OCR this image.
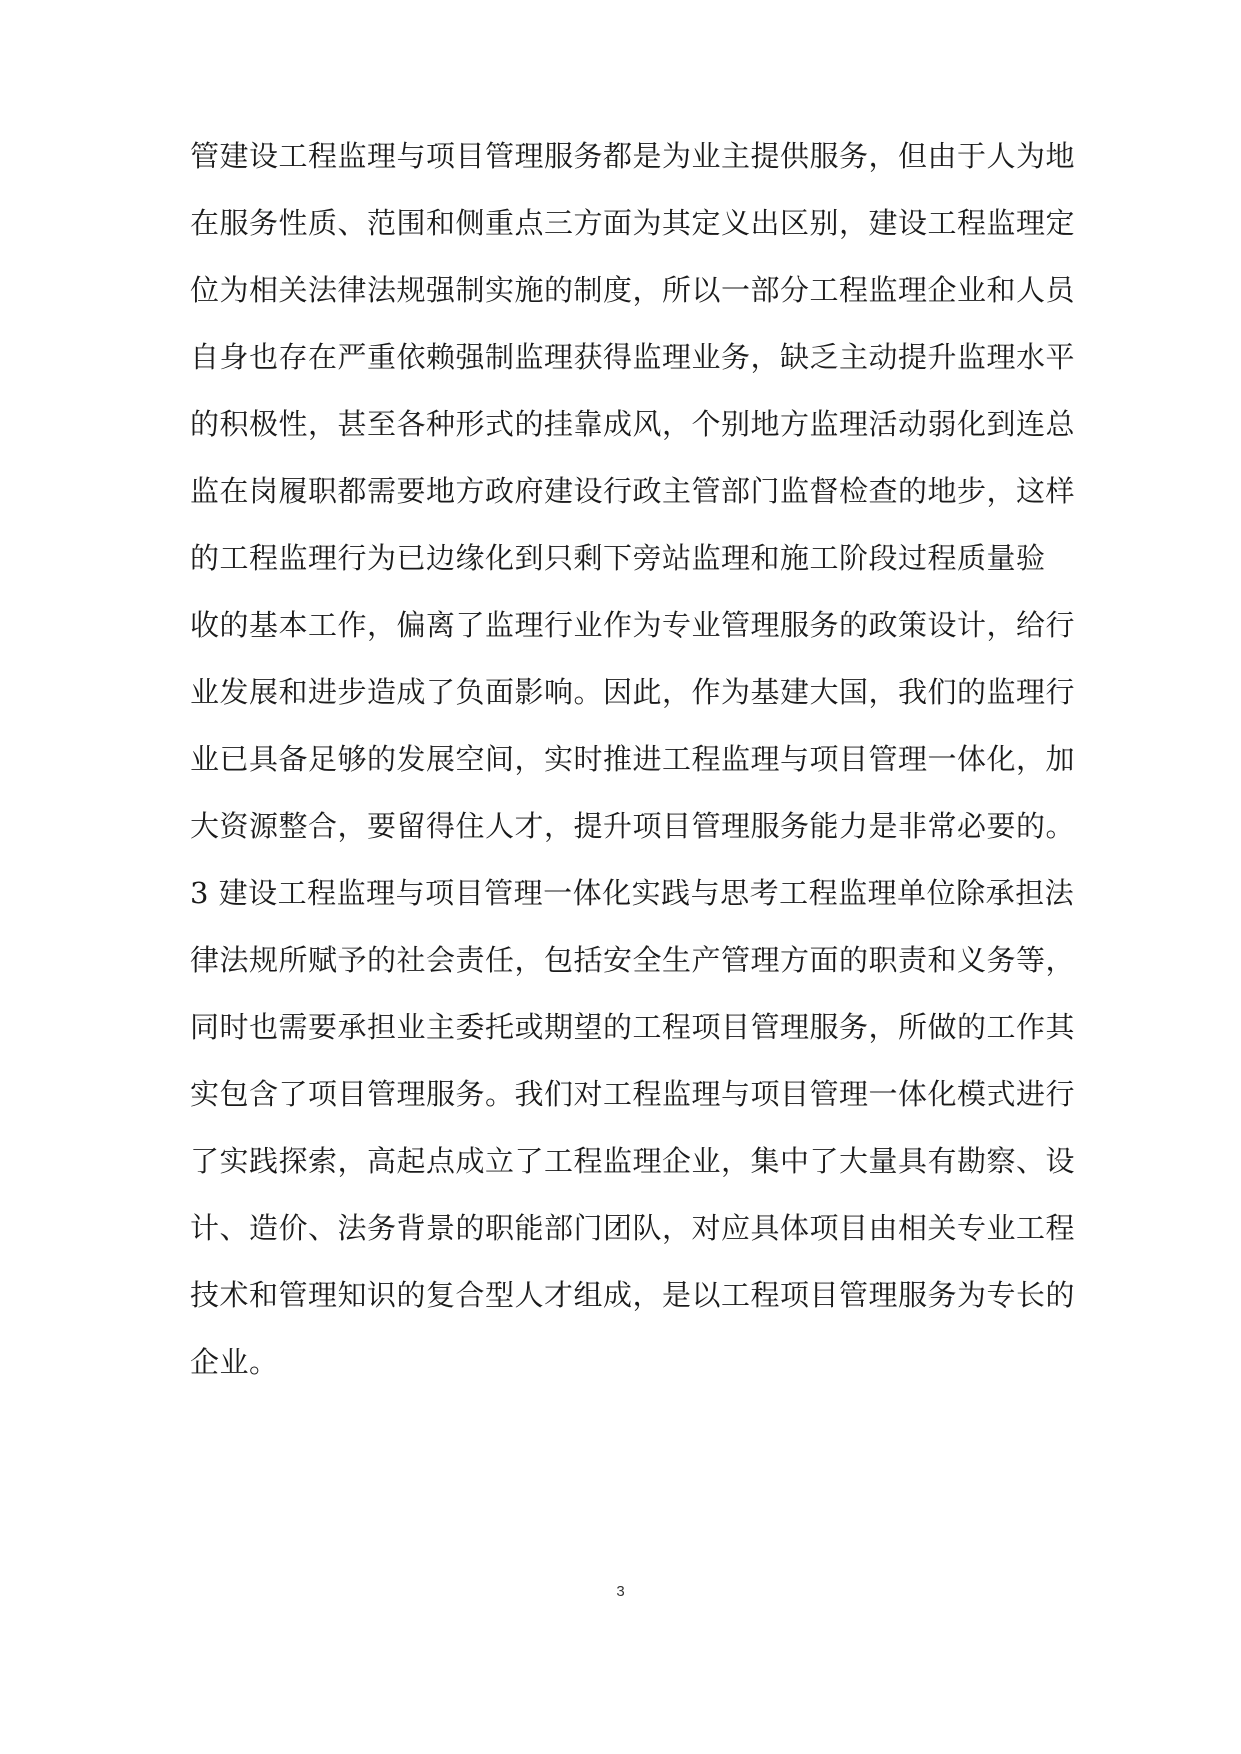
管建设工程监理与项目管理服务都是为业主提供服务，但由于人为地
在服务性质、范围和侧重点三方面为其定义出区别，建设工程监理定
位为相关法律法规强制实施的制度，所以一部分工程监理企业和人员
自身也存在严重依赖强制监理获得监理业务，缺乏主动提升监理水平
的积极性，甚至各种形式的挂靠成风，个别地方监理活动弱化到连总
监在岗履职都需要地方政府建设行政主管部门监督检查的地步，这样
的工程监理行为已边缘化到只剩下旁站监理和施工阶段过程质量验
收的基本工作，偏离了监理行业作为专业管理服务的政策设计，给行
业发展和进步造成了负面影响。因此，作为基建大国，我们的监理行
业已具备足够的发展空间，实时推进工程监理与项目管理一体化，加
大资源整合，要留得住人才，提升项目管理服务能力是非常必要的。
3 建设工程监理与项目管理一体化实践与思考工程监理单位除承担法
律法规所赋予的社会责任，包括安全生产管理方面的职责和义务等，
同时也需要承担业主委托或期望的工程项目管理服务，所做的工作其
实包含了项目管理服务。我们对工程监理与项目管理一体化模式进行
了实践探索，高起点成立了工程监理企业，集中了大量具有勘察、设
计、造价、法务背景的职能部门团队，对应具体项目由相关专业工程
技术和管理知识的复合型人才组成，是以工程项目管理服务为专长的
企业。
3
